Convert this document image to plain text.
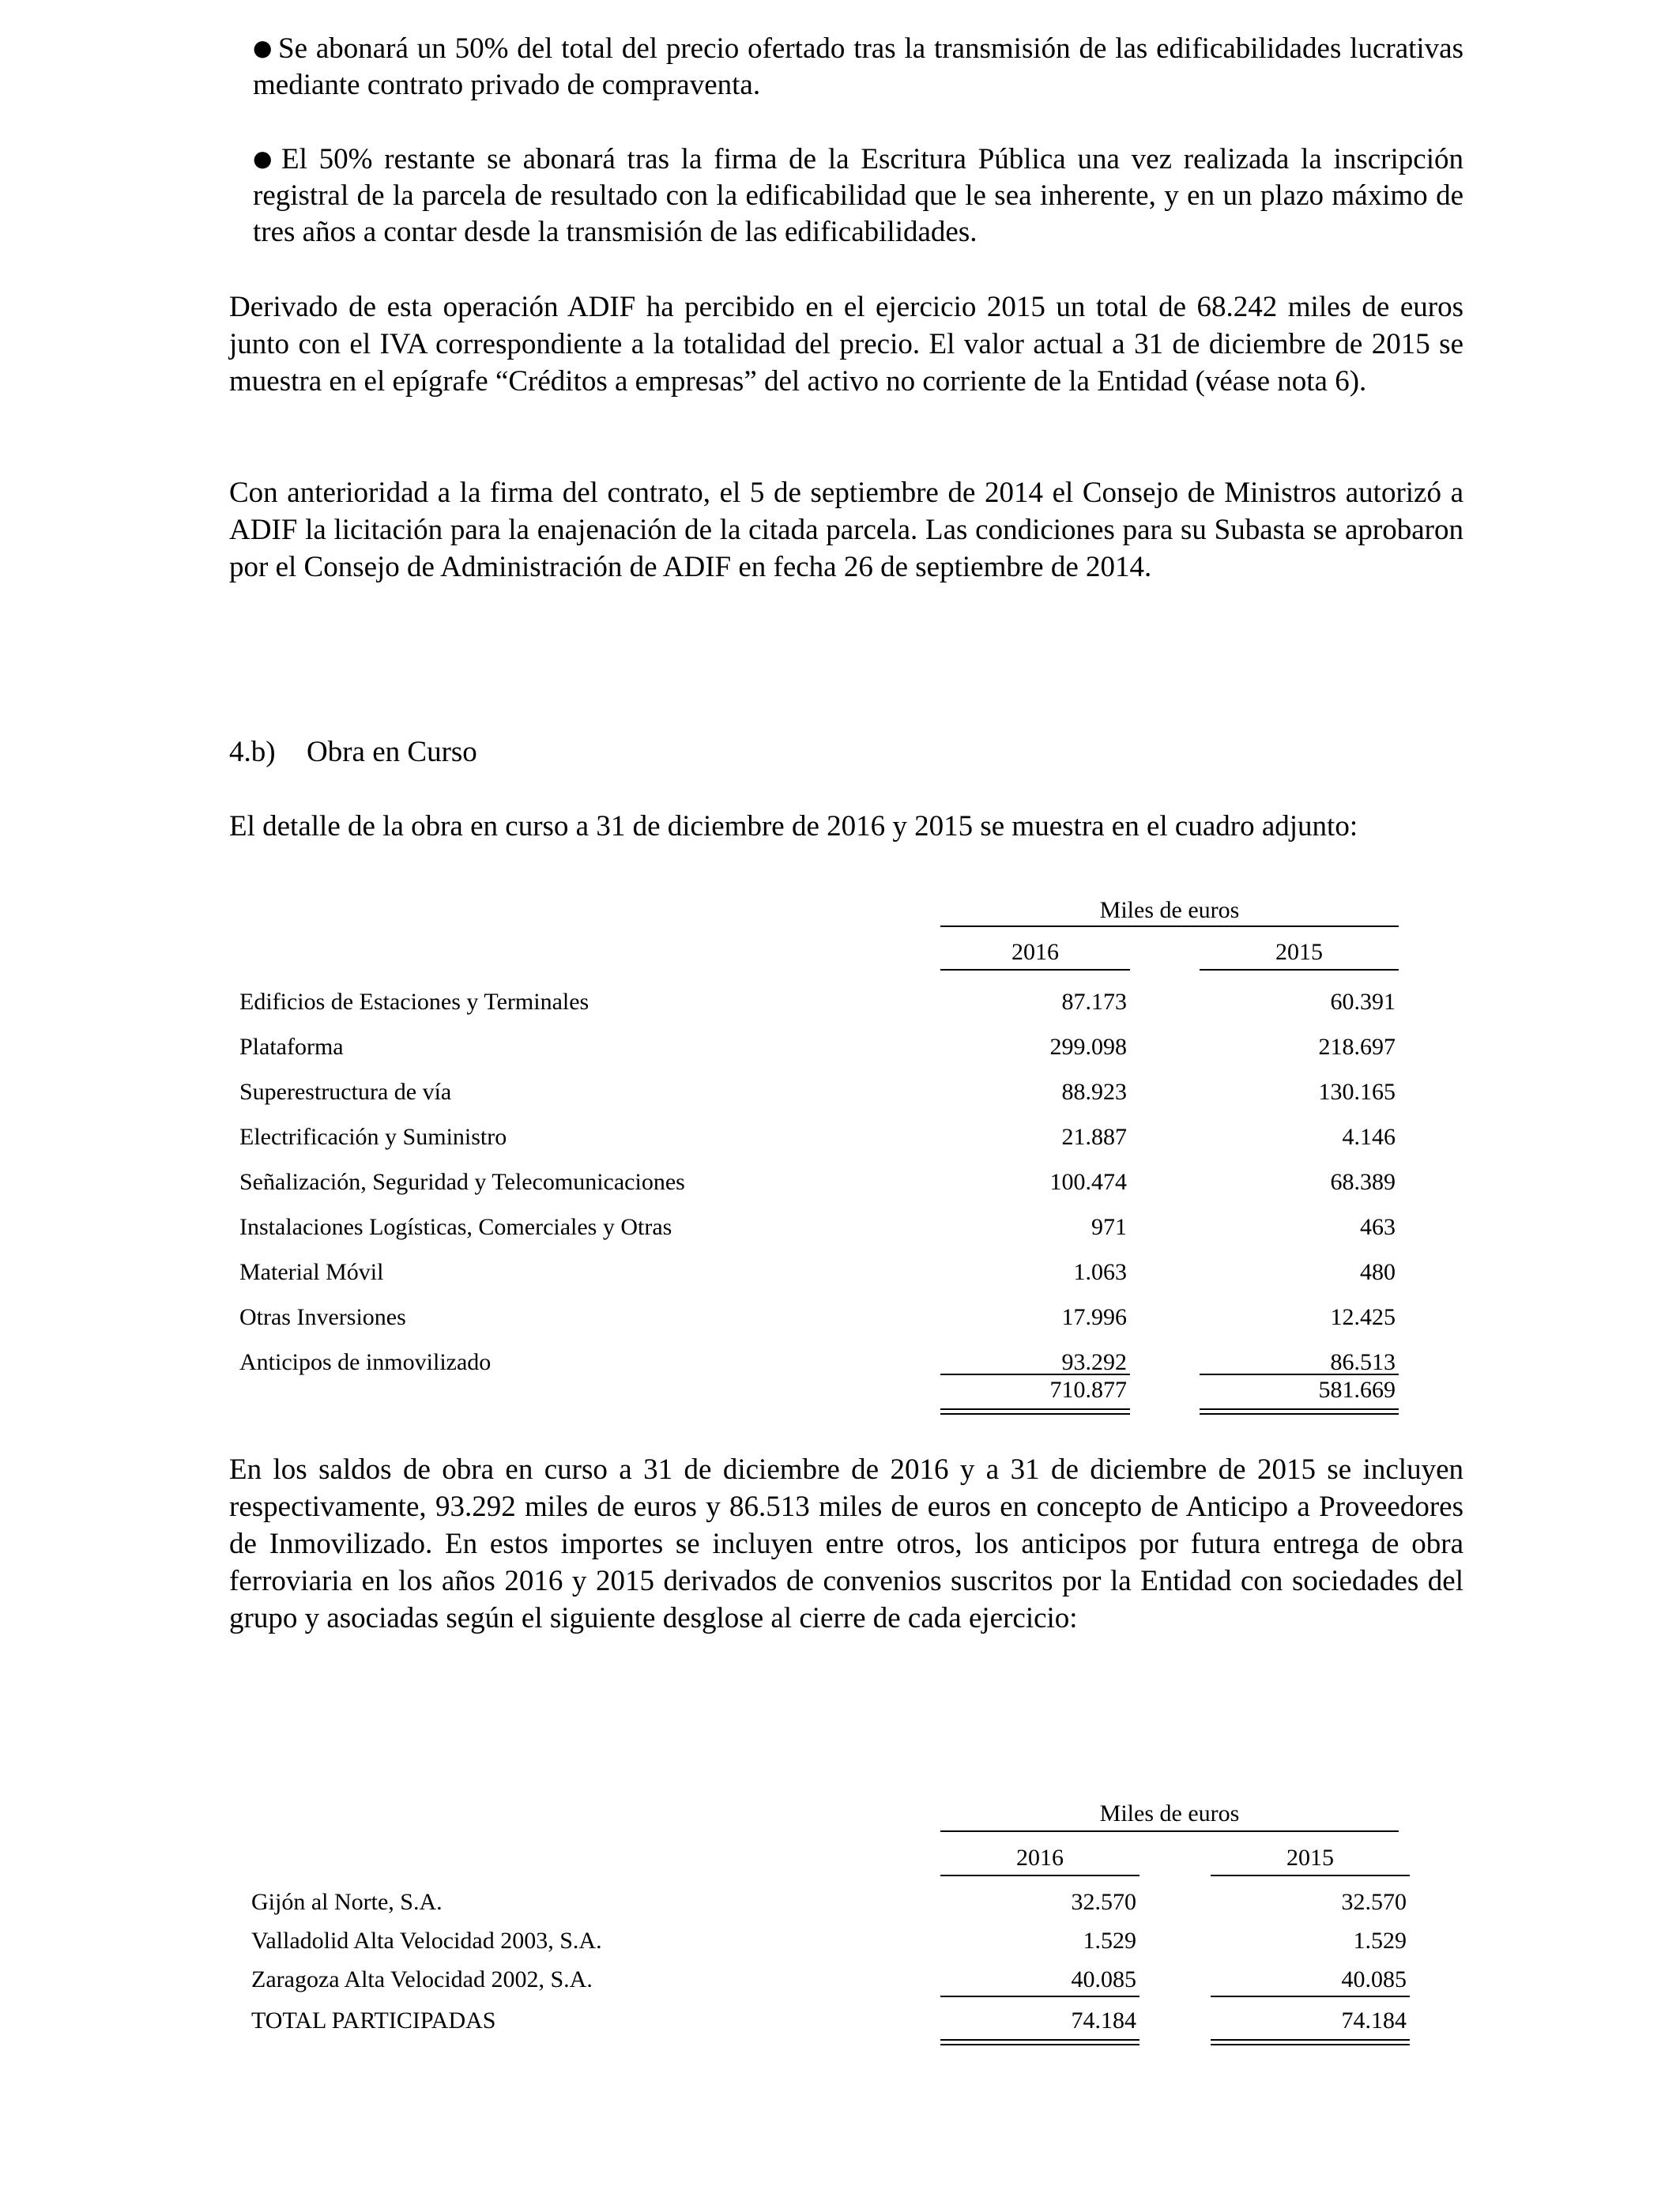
● Se abonará un 50% del total del precio ofertado tras la transmisión de las edificabilidades lucrativas mediante contrato privado de compraventa.

● El 50% restante se abonará tras la firma de la Escritura Pública una vez realizada la inscripción registral de la parcela de resultado con la edificabilidad que le sea inherente, y en un plazo máximo de tres años a contar desde la transmisión de las edificabilidades.

Derivado de esta operación ADIF ha percibido en el ejercicio 2015 un total de 68.242 miles de euros junto con el IVA correspondiente a la totalidad del precio. El valor actual a 31 de diciembre de 2015 se muestra en el epígrafe “Créditos a empresas” del activo no corriente de la Entidad (véase nota 6).

Con anterioridad a la firma del contrato, el 5 de septiembre de 2014 el Consejo de Ministros autorizó a ADIF la licitación para la enajenación de la citada parcela. Las condiciones para su Subasta se aprobaron por el Consejo de Administración de ADIF en fecha 26 de septiembre de 2014.

4.b) Obra en Curso

El detalle de la obra en curso a 31 de diciembre de 2016 y 2015 se muestra en el cuadro adjunto:

Miles de euros
2016	2015
Edificios de Estaciones y Terminales	87.173	60.391
Plataforma	299.098	218.697
Superestructura de vía	88.923	130.165
Electrificación y Suministro	21.887	4.146
Señalización, Seguridad y Telecomunicaciones	100.474	68.389
Instalaciones Logísticas, Comerciales y Otras	971	463
Material Móvil	1.063	480
Otras Inversiones	17.996	12.425
Anticipos de inmovilizado	93.292	86.513
710.877	581.669

En los saldos de obra en curso a 31 de diciembre de 2016 y a 31 de diciembre de 2015 se incluyen respectivamente, 93.292 miles de euros y 86.513 miles de euros en concepto de Anticipo a Proveedores de Inmovilizado. En estos importes se incluyen entre otros, los anticipos por futura entrega de obra ferroviaria en los años 2016 y 2015 derivados de convenios suscritos por la Entidad con sociedades del grupo y asociadas según el siguiente desglose al cierre de cada ejercicio:

Miles de euros
2016	2015
Gijón al Norte, S.A.	32.570	32.570
Valladolid Alta Velocidad 2003, S.A.	1.529	1.529
Zaragoza Alta Velocidad 2002, S.A.	40.085	40.085
TOTAL PARTICIPADAS	74.184	74.184
